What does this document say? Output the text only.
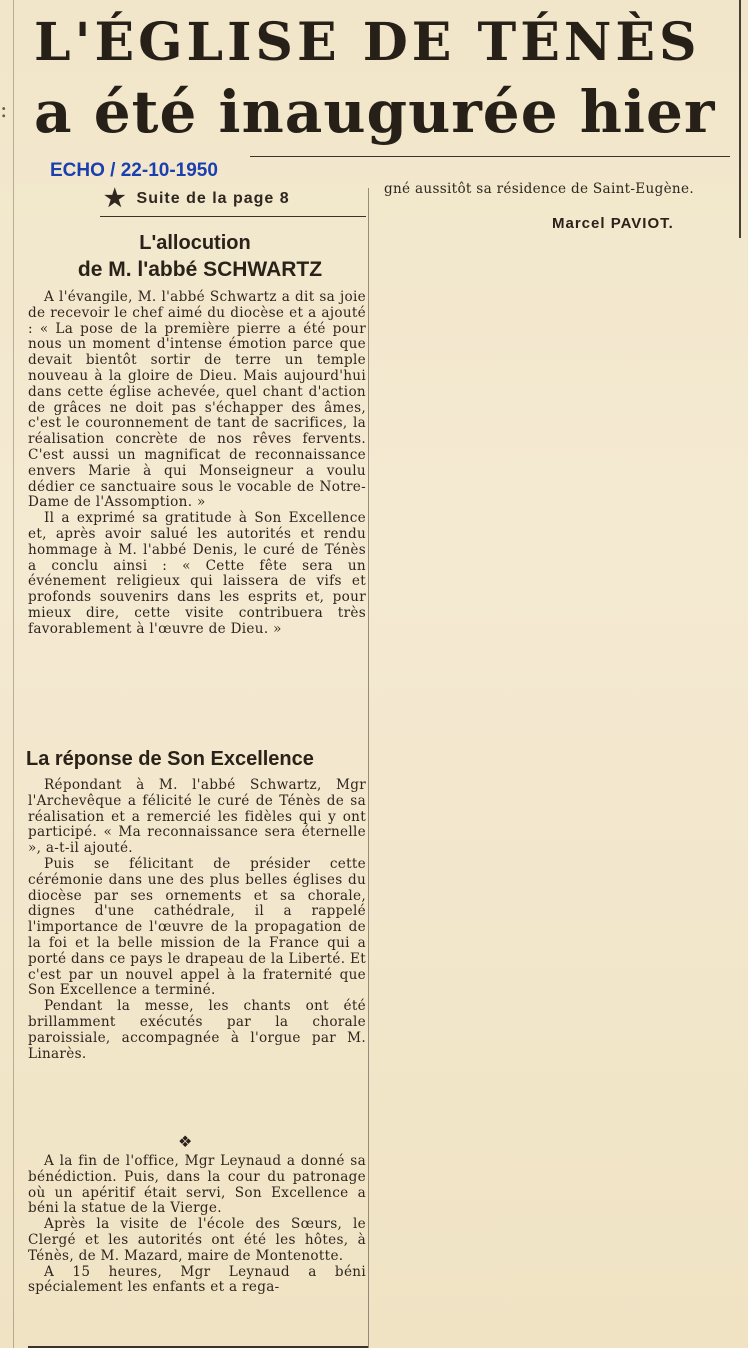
:
L'ÉGLISE DE TÉNÈS
a été inaugurée hier
ECHO / 22-10-1950
★ Suite de la page 8

gné aussitôt sa résidence de Saint-Eugène.

Marcel PAVIOT.
L'allocution
de M. l'abbé SCHWARTZ

A l'évangile, M. l'abbé Schwartz a dit sa joie de recevoir le chef aimé du diocèse et a ajouté : « La pose de la première pierre a été pour nous un moment d'intense émotion parce que devait bientôt sortir de terre un temple nouveau à la gloire de Dieu. Mais aujourd'hui dans cette église achevée, quel chant d'action de grâces ne doit pas s'échapper des âmes, c'est le couronnement de tant de sacrifices, la réalisation concrète de nos rêves fervents. C'est aussi un magnificat de reconnaissance envers Marie à qui Monseigneur a voulu dédier ce sanctuaire sous le vocable de Notre-Dame de l'Assomption. »

Il a exprimé sa gratitude à Son Excellence et, après avoir salué les autorités et rendu hommage à M. l'abbé Denis, le curé de Ténès a conclu ainsi : « Cette fête sera un événement religieux qui laissera de vifs et profonds souvenirs dans les esprits et, pour mieux dire, cette visite contribuera très favorablement à l'œuvre de Dieu. »

La réponse de Son Excellence

Répondant à M. l'abbé Schwartz, Mgr l'Archevêque a félicité le curé de Ténès de sa réalisation et a remercié les fidèles qui y ont participé. « Ma reconnaissance sera éternelle », a-t-il ajouté.

Puis se félicitant de présider cette cérémonie dans une des plus belles églises du diocèse par ses ornements et sa chorale, dignes d'une cathédrale, il a rappelé l'importance de l'œuvre de la propagation de la foi et la belle mission de la France qui a porté dans ce pays le drapeau de la Liberté. Et c'est par un nouvel appel à la fraternité que Son Excellence a terminé.

Pendant la messe, les chants ont été brillamment exécutés par la chorale paroissiale, accompagnée à l'orgue par M. Linarès.

❖

A la fin de l'office, Mgr Leynaud a donné sa bénédiction. Puis, dans la cour du patronage où un apéritif était servi, Son Excellence a béni la statue de la Vierge.

Après la visite de l'école des Sœurs, le Clergé et les autorités ont été les hôtes, à Ténès, de M. Mazard, maire de Montenotte.

A 15 heures, Mgr Leynaud a béni spécialement les enfants et a rega-
